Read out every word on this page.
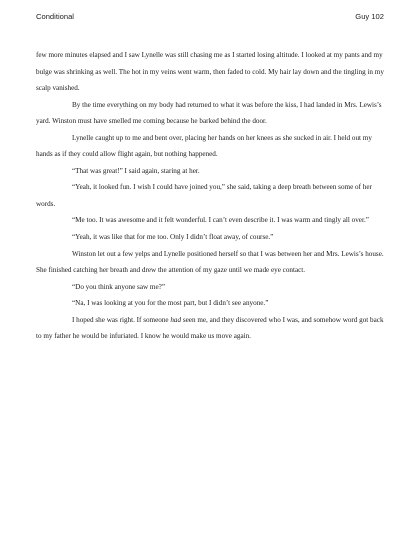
Conditional	Guy 102

few more minutes elapsed and I saw Lynelle was still chasing me as I started losing altitude. I looked at my pants and my bulge was shrinking as well. The hot in my veins went warm, then faded to cold. My hair lay down and the tingling in my scalp vanished.

By the time everything on my body had returned to what it was before the kiss, I had landed in Mrs. Lewis’s yard. Winston must have smelled me coming because he barked behind the door.

Lynelle caught up to me and bent over, placing her hands on her knees as she sucked in air. I held out my hands as if they could allow flight again, but nothing happened.

“That was great!” I said again, staring at her.

“Yeah, it looked fun. I wish I could have joined you,” she said, taking a deep breath between some of her words.

“Me too. It was awesome and it felt wonderful. I can’t even describe it. I was warm and tingly all over.”

“Yeah, it was like that for me too. Only I didn’t float away, of course.”

Winston let out a few yelps and Lynelle positioned herself so that I was between her and Mrs. Lewis’s house. She finished catching her breath and drew the attention of my gaze until we made eye contact.

“Do you think anyone saw me?”

“Na, I was looking at you for the most part, but I didn’t see anyone.”

I hoped she was right. If someone had seen me, and they discovered who I was, and somehow word got back to my father he would be infuriated. I know he would make us move again.
